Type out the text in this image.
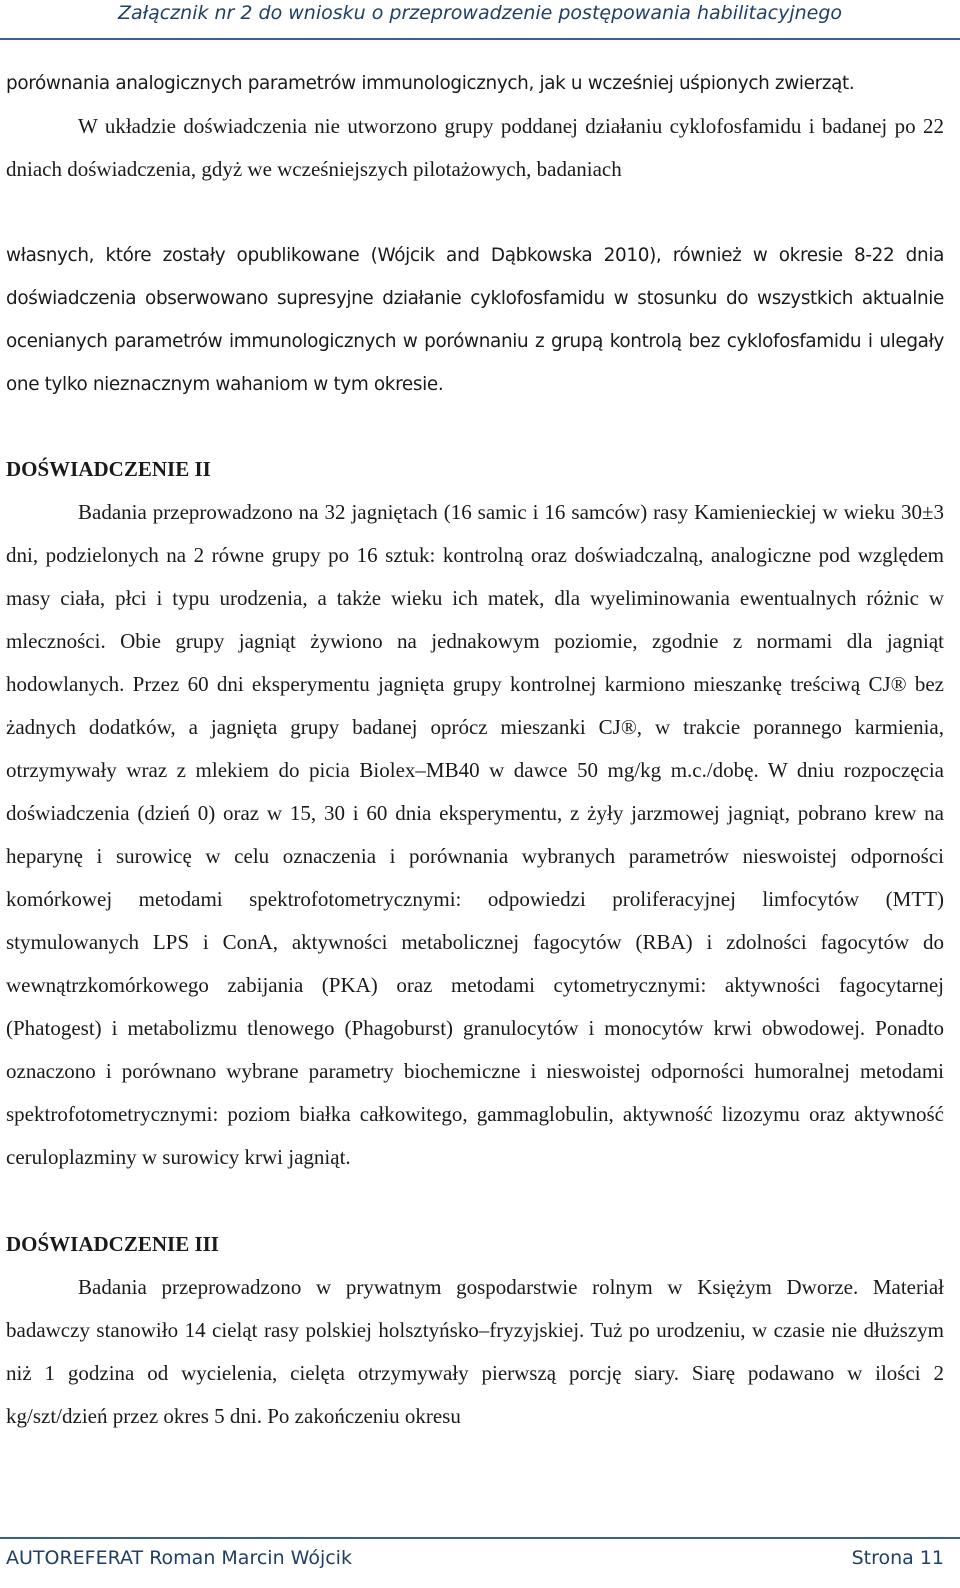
Załącznik nr 2 do wniosku o przeprowadzenie postępowania habilitacyjnego

porównania analogicznych parametrów immunologicznych, jak u wcześniej uśpionych zwierząt.

W układzie doświadczenia nie utworzono grupy poddanej działaniu cyklofosfamidu i badanej po 22 dniach doświadczenia, gdyż we wcześniejszych pilotażowych, badaniach

własnych, które zostały opublikowane (Wójcik and Dąbkowska 2010), również w okresie 8-22 dnia doświadczenia obserwowano supresyjne działanie cyklofosfamidu w stosunku do wszystkich aktualnie ocenianych parametrów immunologicznych w porównaniu z grupą kontrolą bez cyklofosfamidu i ulegały one tylko nieznacznym wahaniom w tym okresie.

DOŚWIADCZENIE II

Badania przeprowadzono na 32 jagniętach (16 samic i 16 samców) rasy Kamienieckiej w wieku 30±3 dni, podzielonych na 2 równe grupy po 16 sztuk: kontrolną oraz doświadczalną, analogiczne pod względem masy ciała, płci i typu urodzenia, a także wieku ich matek, dla wyeliminowania ewentualnych różnic w mleczności. Obie grupy jagniąt żywiono na jednakowym poziomie, zgodnie z normami dla jagniąt hodowlanych. Przez 60 dni eksperymentu jagnięta grupy kontrolnej karmiono mieszankę treściwą CJ® bez żadnych dodatków, a jagnięta grupy badanej oprócz mieszanki CJ®, w trakcie porannego karmienia, otrzymywały wraz z mlekiem do picia Biolex–MB40 w dawce 50 mg/kg m.c./dobę. W dniu rozpoczęcia doświadczenia (dzień 0) oraz w 15, 30 i 60 dnia eksperymentu, z żyły jarzmowej jagniąt, pobrano krew na heparynę i surowicę w celu oznaczenia i porównania wybranych parametrów nieswoistej odporności komórkowej metodami spektrofotometrycznymi: odpowiedzi proliferacyjnej limfocytów (MTT) stymulowanych LPS i ConA, aktywności metabolicznej fagocytów (RBA) i zdolności fagocytów do wewnątrzkomórkowego zabijania (PKA) oraz metodami cytometrycznymi: aktywności fagocytarnej (Phatogest) i metabolizmu tlenowego (Phagoburst) granulocytów i monocytów krwi obwodowej. Ponadto oznaczono i porównano wybrane parametry biochemiczne i nieswoistej odporności humoralnej metodami spektrofotometrycznymi: poziom białka całkowitego, gammaglobulin, aktywność lizozymu oraz aktywność ceruloplazminy w surowicy krwi jagniąt.

DOŚWIADCZENIE III

Badania przeprowadzono w prywatnym gospodarstwie rolnym w Księżym Dworze. Materiał badawczy stanowiło 14 cieląt rasy polskiej holsztyńsko–fryzyjskiej. Tuż po urodzeniu, w czasie nie dłuższym niż 1 godzina od wycielenia, cielęta otrzymywały pierwszą porcję siary. Siarę podawano w ilości 2 kg/szt/dzień przez okres 5 dni. Po zakończeniu okresu

AUTOREFERAT Roman Marcin Wójcik	Strona 11
